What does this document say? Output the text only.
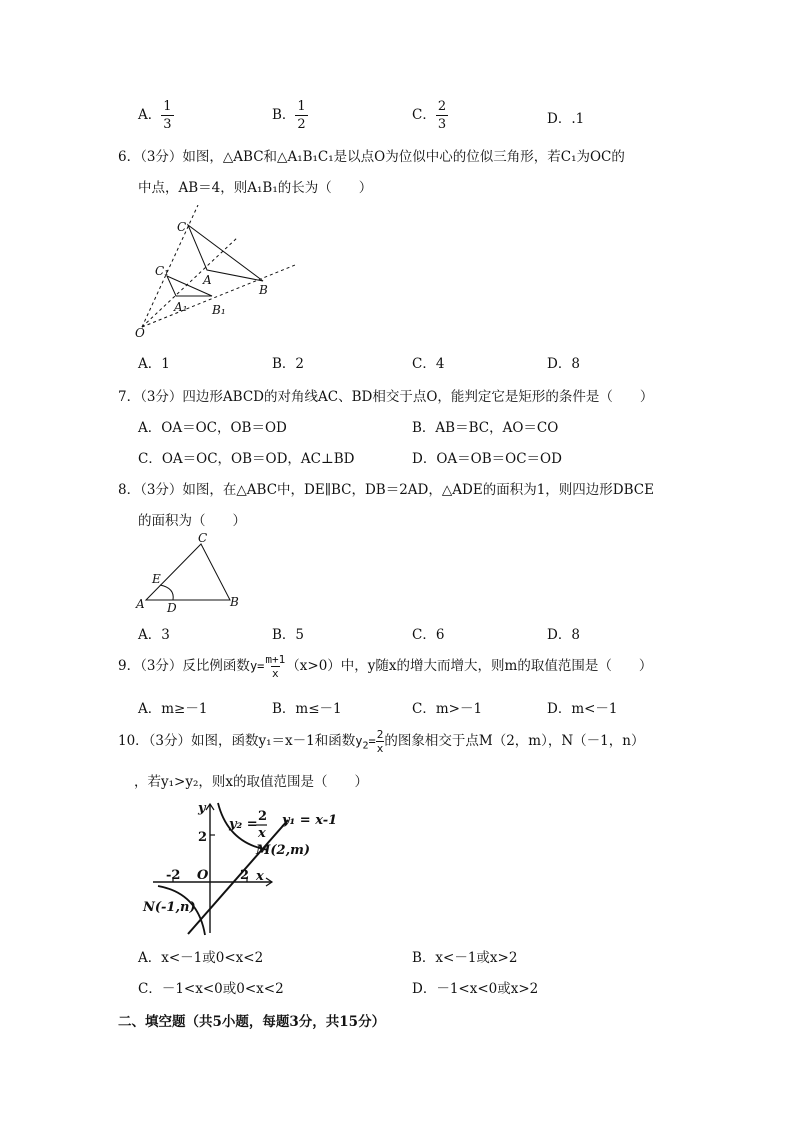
A． $\frac{1}{3}$	B． $\frac{1}{2}$	C． $\frac{2}{3}$	D．.1
6．（3分）如图，△ABC和△A₁B₁C₁是以点O为位似中心的位似三角形，若C₁为OC的
中点，AB＝4，则A₁B₁的长为（　　）
C
A
B
C₁
A₁ B₁
O
A．1	B．2	C．4	D．8
7．（3分）四边形ABCD的对角线AC、BD相交于点O，能判定它是矩形的条件是（　　）
A．OA＝OC，OB＝OD	B．AB＝BC，AO＝CO
C．OA＝OC，OB＝OD，AC⊥BD	D．OA＝OB＝OC＝OD
8．（3分）如图，在△ABC中，DE∥BC，DB＝2AD，△ADE的面积为1，则四边形DBCE
的面积为（　　）
C
E
A D	B
A．3	B．5	C．6	D．8
9．（3分）反比例函数$y= \frac{m+1}{x} (x>0)$中，y随x的增大而增大，则m的取值范围是（　　）
A．m≥－1	B．m≤－1	C．m>－1	D．m<－1
10．（3分）如图，函数y₁＝x－1和函数$y_2= \frac{2}{x}$ 的图象相交于点M（2，m），N（－1，n）
，若y₁>y₂，则x的取值范围是（　　）
y
x
2
2
-2 O
y₂ =
2
x
y₁ = x-1
M(2,m)
N(-1,n)
A．x<－1或0<x<2	B．x<－1或x>2
C．－1<x<0或0<x<2	D．－1<x<0或x>2
二、填空题（共5小题，每题3分，共15分）
